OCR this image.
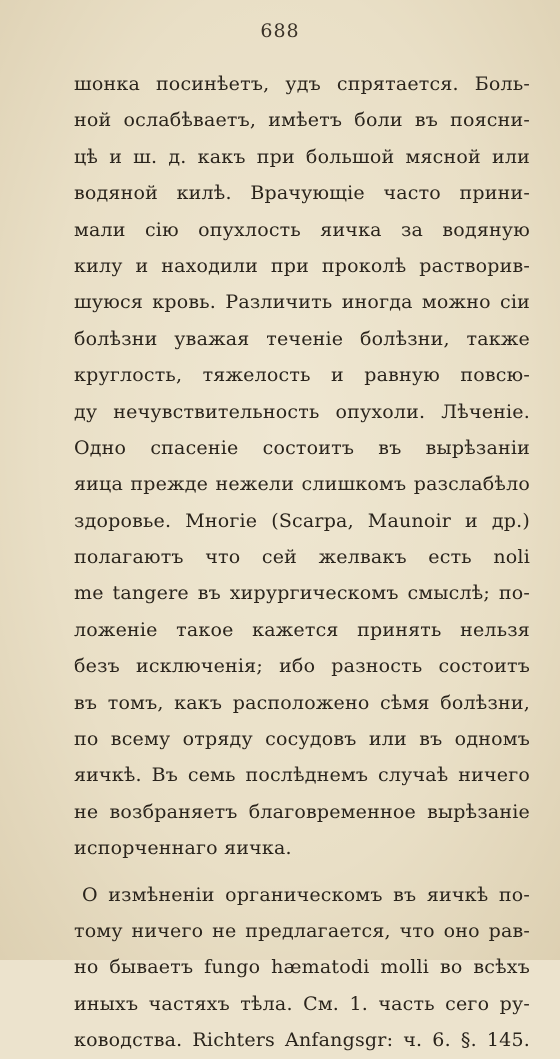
688
шонка посинѣетъ, удъ спрятается. Боль-
ной ослабѣваетъ, имѣетъ боли въ поясни-
цѣ и ш. д. какъ при большой мясной или
водяной килѣ. Врачующіе часто прини-
мали сію опухлость яичка за водяную
килу и находили при проколѣ растворив-
шуюся кровь. Различить иногда можно сіи
болѣзни уважая теченіе болѣзни, также
круглость, тяжелость и равную повсю-
ду нечувствительность опухоли. Лѣченіе.
Одно спасеніе состоитъ въ вырѣзаніи
яица прежде нежели слишкомъ разслабѣло
здоровье. Многіе (Scarpa, Maunoir и др.)
полагаютъ что сей желвакъ есть noli
me tangere въ хирургическомъ смыслѣ; по-
ложеніе такое кажется принять нельзя
безъ исключенія; ибо разность состоитъ
въ томъ, какъ расположено сѣмя болѣзни,
по всему отряду сосудовъ или въ одномъ
яичкѣ. Въ семь послѣднемъ случаѣ ничего
не возбраняетъ благовременное вырѣзаніе
испорченнаго яичка.
О измѣненіи органическомъ въ яичкѣ по-
тому ничего не предлагается, что оно рав-
но бываетъ fungo hæmatodi molli во всѣхъ
иныхъ частяхъ тѣла. См. 1. часть сего ру-
ководства. Richters Anfangsgr: ч. 6. §. 145.
